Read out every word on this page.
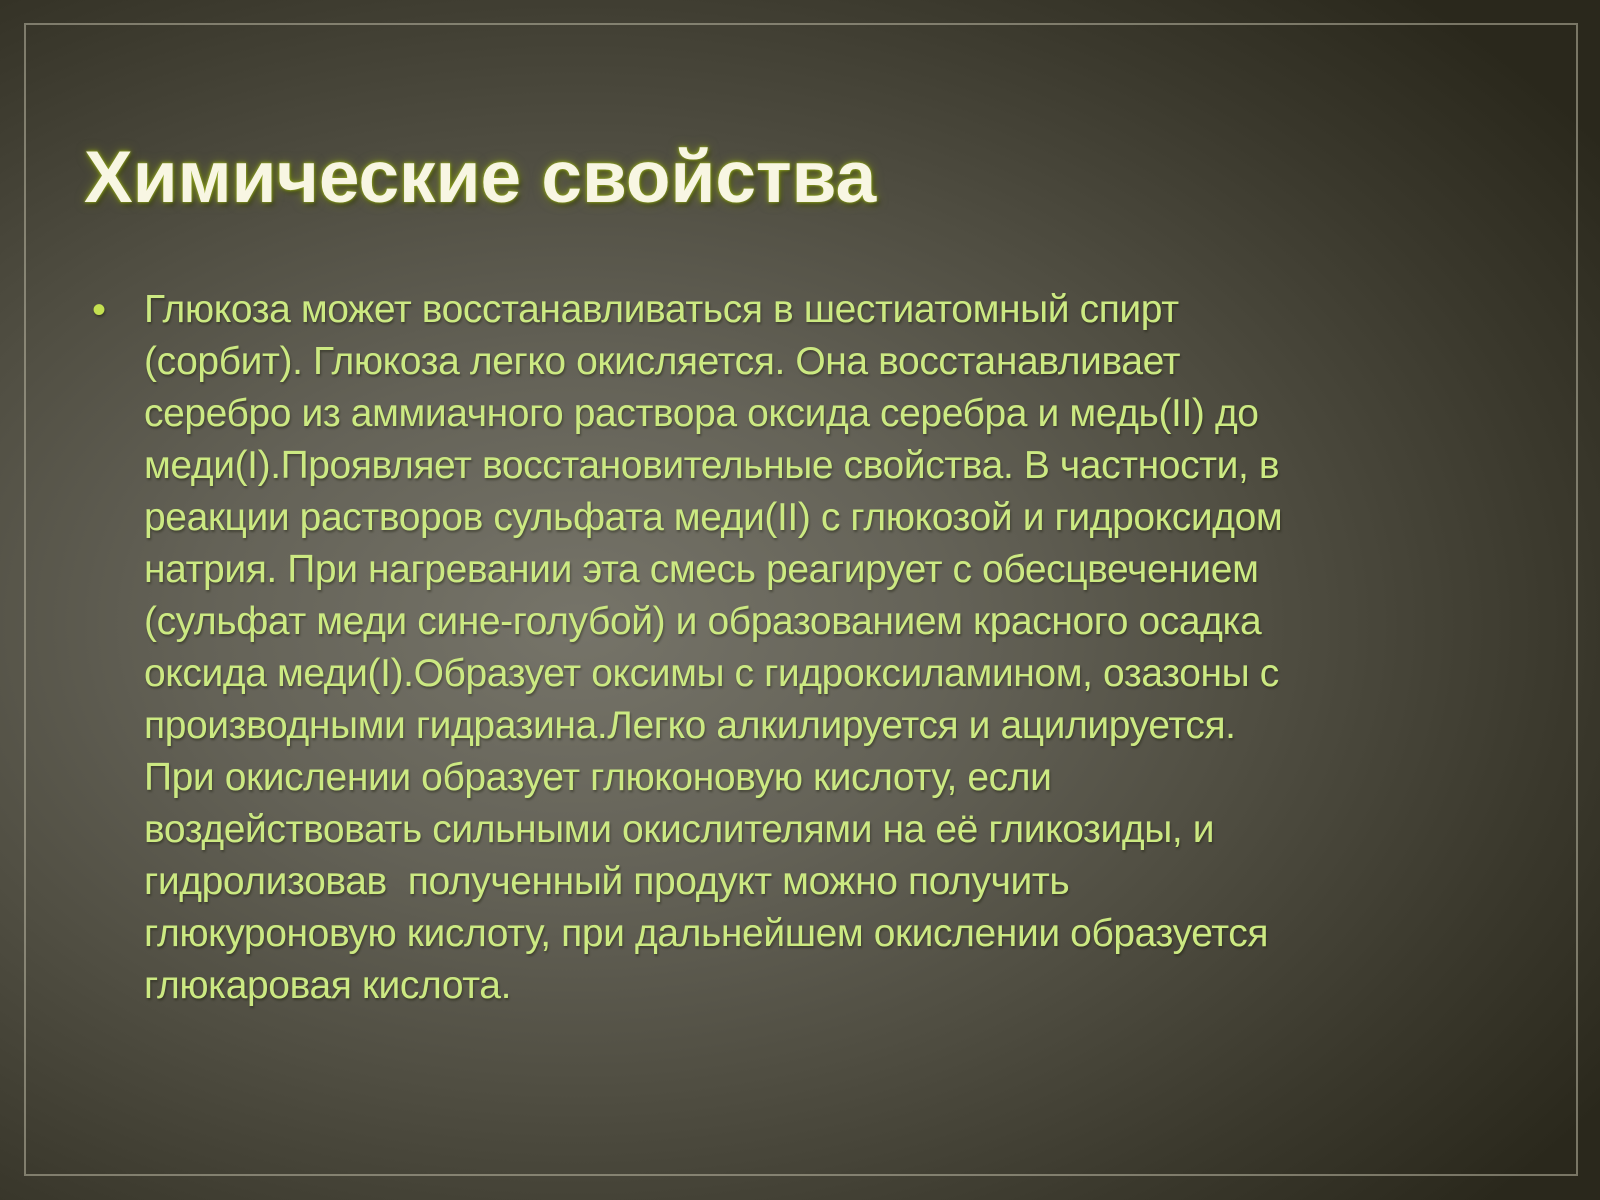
Химические свойства
• Глюкоза может восстанавливаться в шестиатомный спирт
(сорбит). Глюкоза легко окисляется. Она восстанавливает
серебро из аммиачного раствора оксида серебра и медь(II) до
меди(I).Проявляет восстановительные свойства. В частности, в
реакции растворов сульфата меди(II) с глюкозой и гидроксидом
натрия. При нагревании эта смесь реагирует с обесцвечением
(сульфат меди сине-голубой) и образованием красного осадка
оксида меди(I).Образует оксимы с гидроксиламином, озазоны с
производными гидразина.Легко алкилируется и ацилируется.
При окислении образует глюконовую кислоту, если
воздействовать сильными окислителями на её гликозиды, и
гидролизовав  полученный продукт можно получить
глюкуроновую кислоту, при дальнейшем окислении образуется
глюкаровая кислота.
